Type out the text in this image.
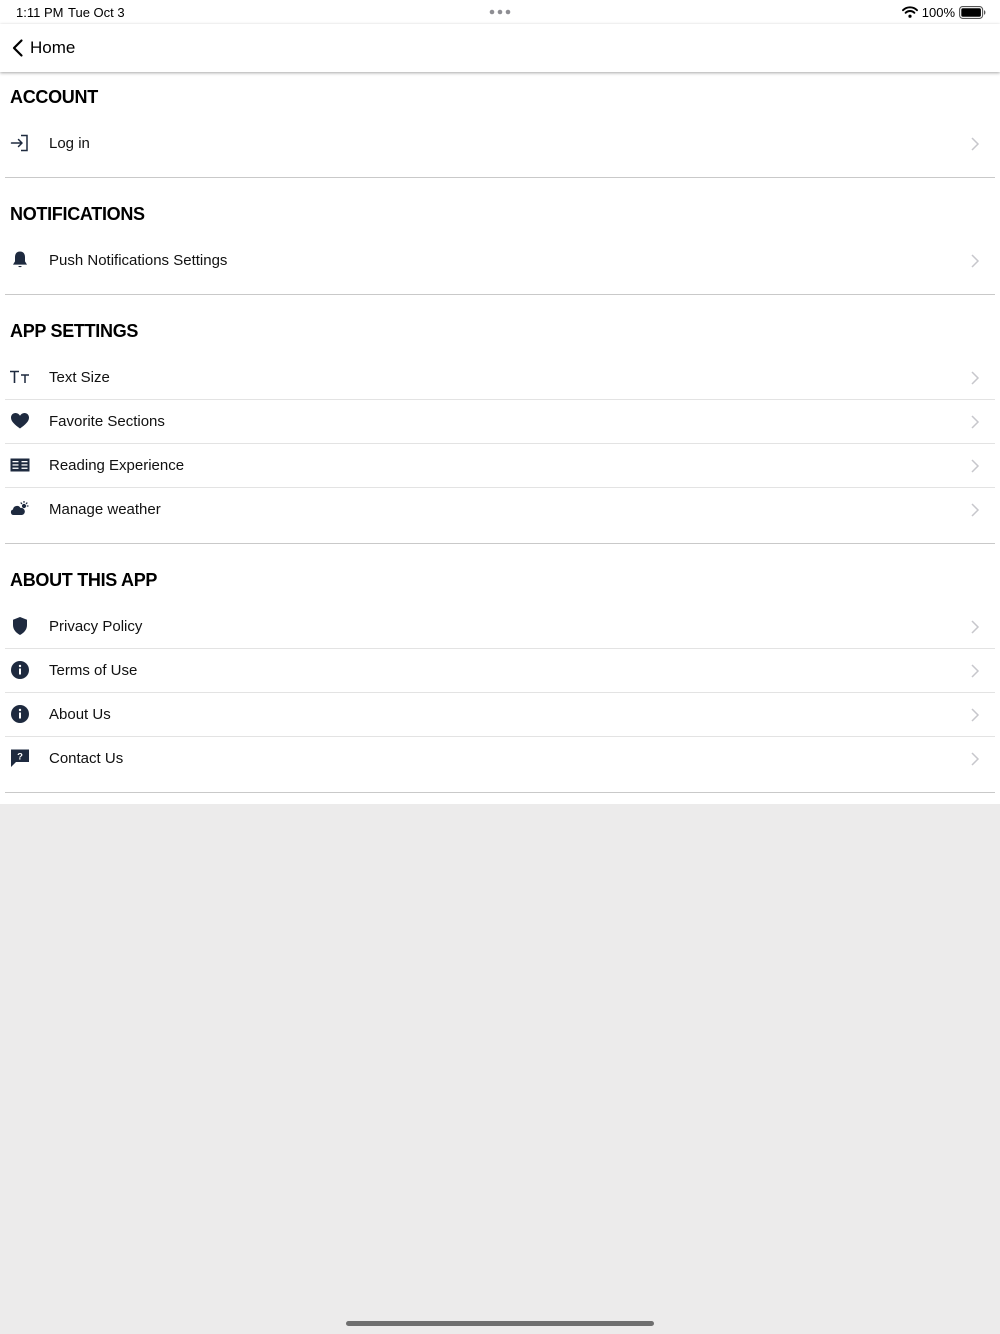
1:11 PM Tue Oct 3	100%
Home
ACCOUNT
Log in
NOTIFICATIONS
Push Notifications Settings
APP SETTINGS
Text Size
Favorite Sections
Reading Experience
Manage weather
ABOUT THIS APP
Privacy Policy
Terms of Use
About Us
? Contact Us
